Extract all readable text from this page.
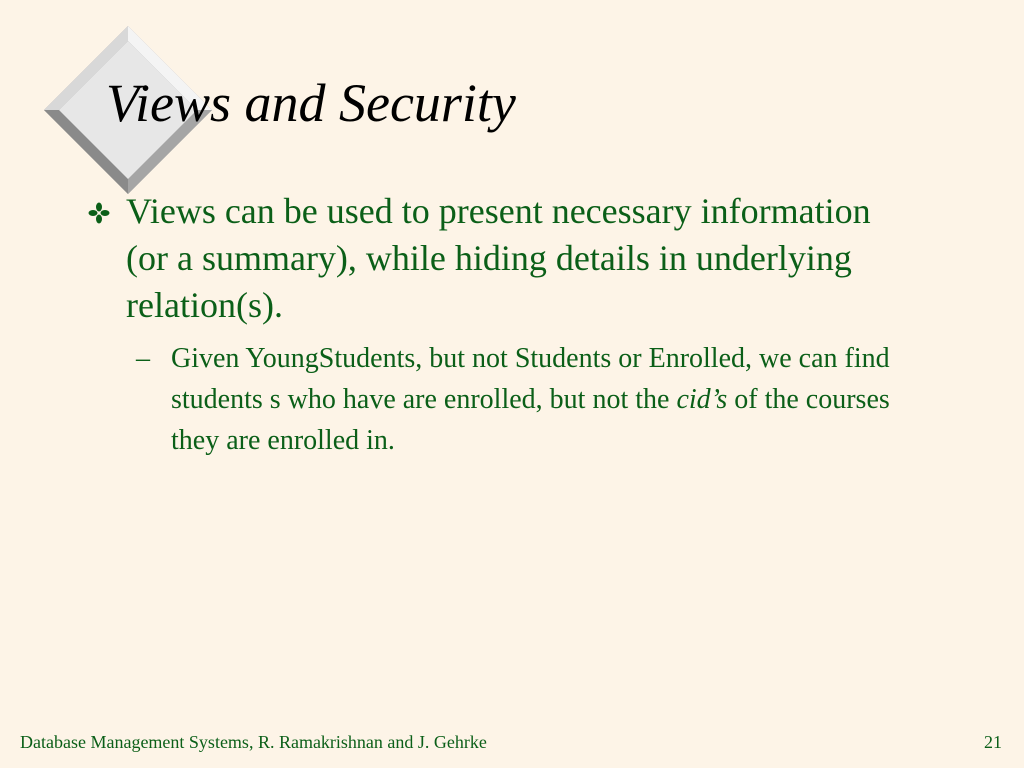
Views and Security
Views can be used to present necessary information (or a summary), while hiding details in underlying relation(s).
– Given YoungStudents, but not Students or Enrolled, we can find students s who have are enrolled, but not the cid’s of the courses they are enrolled in.
Database Management Systems, R. Ramakrishnan and J. Gehrke	21
